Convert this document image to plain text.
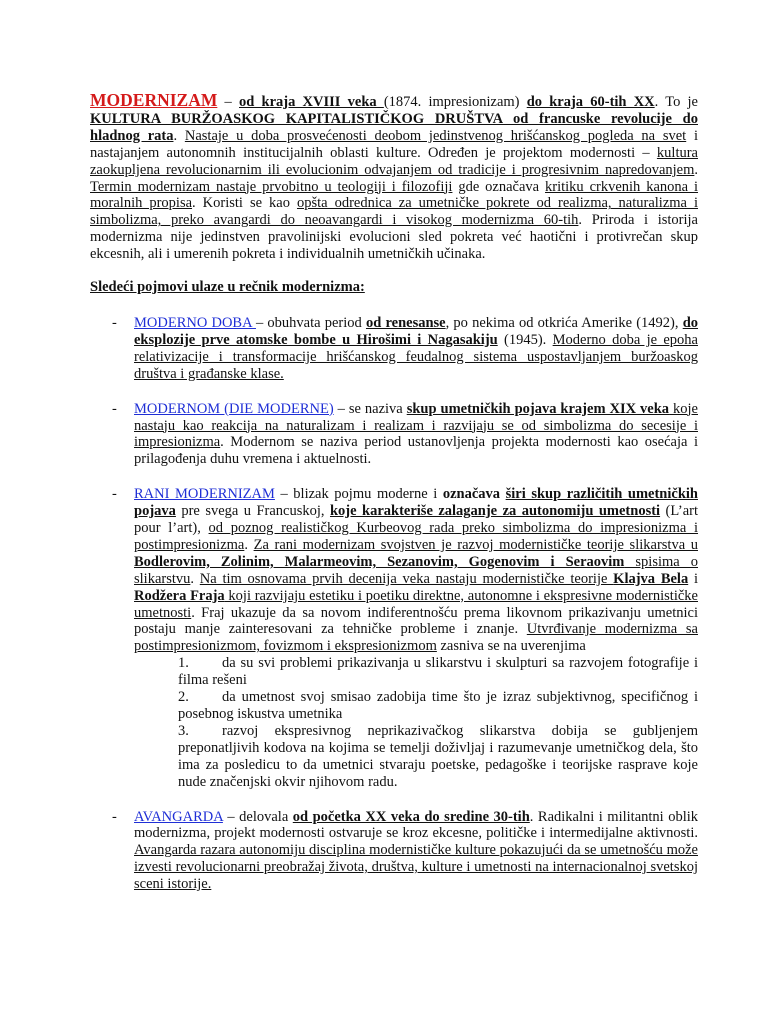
MODERNIZAM – od kraja XVIII veka (1874. impresionizam) do kraja 60-tih XX. To je KULTURA BURŽOASKOG KAPITALISTIČKOG DRUŠTVA od francuske revolucije do hladnog rata. Nastaje u doba prosvećenosti deobom jedinstvenog hrišćanskog pogleda na svet i nastajanjem autonomnih institucijalnih oblasti kulture. Određen je projektom modernosti – kultura zaokupljena revolucionarnim ili evolucionim odvajanjem od tradicije i progresivnim napredovanjem. Termin modernizam nastaje prvobitno u teologiji i filozofiji gde označava kritiku crkvenih kanona i moralnih propisa. Koristi se kao opšta odrednica za umetničke pokrete od realizma, naturalizma i simbolizma, preko avangardi do neoavangardi i visokog modernizma 60-tih. Priroda i istorija modernizma nije jedinstven pravolinijski evolucioni sled pokreta već haotični i protivrečan skup ekcesnih, ali i umerenih pokreta i individualnih umetničkih učinaka.

Sledeći pojmovi ulaze u rečnik modernizma:

- MODERNO DOBA – obuhvata period od renesanse, po nekima od otkrića Amerike (1492), do eksplozije prve atomske bombe u Hirošimi i Nagasakiju (1945). Moderno doba je epoha relativizacije i transformacije hrišćanskog feudalnog sistema uspostavljanjem buržoaskog društva i građanske klase.

- MODERNOM (DIE MODERNE) – se naziva skup umetničkih pojava krajem XIX veka koje nastaju kao reakcija na naturalizam i realizam i razvijaju se od simbolizma do secesije i impresionizma. Modernom se naziva period ustanovljenja projekta modernosti kao osećaja i prilagođenja duhu vremena i aktuelnosti.

- RANI MODERNIZAM – blizak pojmu moderne i označava širi skup različitih umetničkih pojava pre svega u Francuskoj, koje karakteriše zalaganje za autonomiju umetnosti (L’art pour l’art), od poznog realističkog Kurbeovog rada preko simbolizma do impresionizma i postimpresionizma. Za rani modernizam svojstven je razvoj modernističke teorije slikarstva u Bodlerovim, Zolinim, Malarmeovim, Sezanovim, Gogenovim i Seraovim spisima o slikarstvu. Na tim osnovama prvih decenija veka nastaju modernističke teorije Klajva Bela i Rodžera Fraja koji razvijaju estetiku i poetiku direktne, autonomne i ekspresivne modernističke umetnosti. Fraj ukazuje da sa novom indiferentnošću prema likovnom prikazivanju umetnici postaju manje zainteresovani za tehničke probleme i znanje. Utvrđivanje modernizma sa postimpresionizmom, fovizmom i ekspresionizmom zasniva se na uverenjima

1.	da su svi problemi prikazivanja u slikarstvu i skulpturi sa razvojem fotografije i filma rešeni

2.	da umetnost svoj smisao zadobija time što je izraz subjektivnog, specifičnog i posebnog iskustva umetnika

3.	razvoj ekspresivnog neprikazivačkog slikarstva dobija se gubljenjem preponatljivih kodova na kojima se temelji doživljaj i razumevanje umetničkog dela, što ima za posledicu to da umetnici stvaraju poetske, pedagoške i teorijske rasprave koje nude značenjski okvir njihovom radu.

- AVANGARDA – delovala od početka XX veka do sredine 30-tih. Radikalni i militantni oblik modernizma, projekt modernosti ostvaruje se kroz ekcesne, političke i intermedijalne aktivnosti. Avangarda razara autonomiju disciplina modernističke kulture pokazujući da se umetnošću može izvesti revolucionarni preobražaj života, društva, kulture i umetnosti na internacionalnoj svetskoj sceni istorije.
